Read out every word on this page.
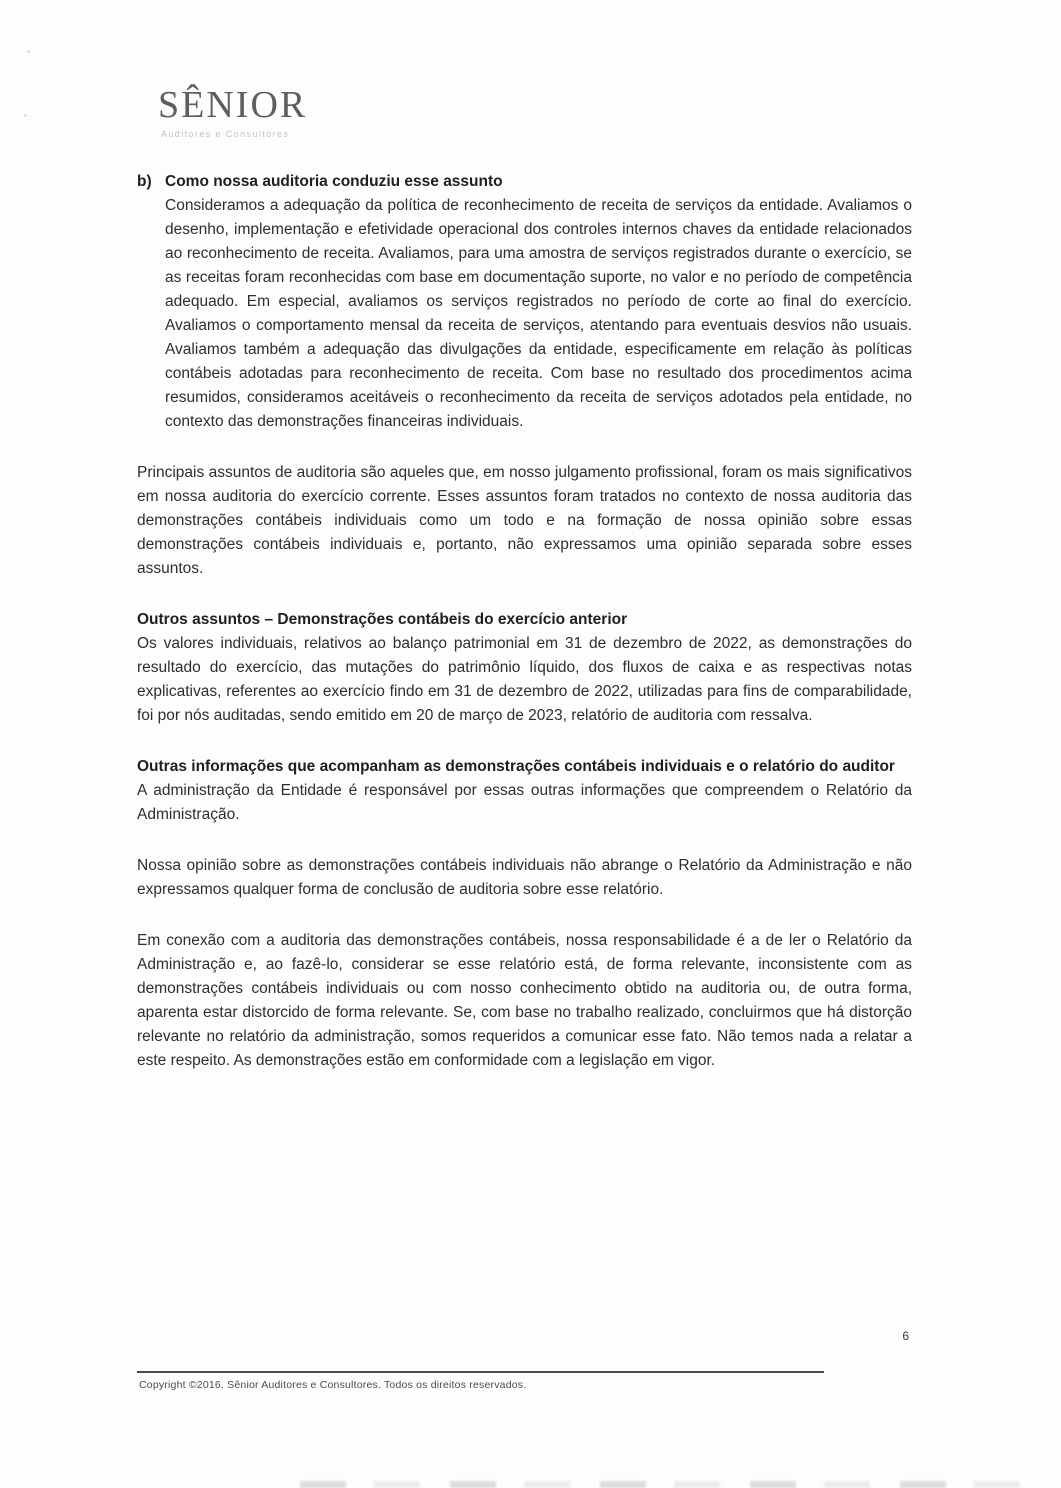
SÊNIOR
Auditores e Consultores
b) Como nossa auditoria conduziu esse assunto

Consideramos a adequação da política de reconhecimento de receita de serviços da entidade. Avaliamos o desenho, implementação e efetividade operacional dos controles internos chaves da entidade relacionados ao reconhecimento de receita. Avaliamos, para uma amostra de serviços registrados durante o exercício, se as receitas foram reconhecidas com base em documentação suporte, no valor e no período de competência adequado. Em especial, avaliamos os serviços registrados no período de corte ao final do exercício. Avaliamos o comportamento mensal da receita de serviços, atentando para eventuais desvios não usuais. Avaliamos também a adequação das divulgações da entidade, especificamente em relação às políticas contábeis adotadas para reconhecimento de receita. Com base no resultado dos procedimentos acima resumidos, consideramos aceitáveis o reconhecimento da receita de serviços adotados pela entidade, no contexto das demonstrações financeiras individuais.

Principais assuntos de auditoria são aqueles que, em nosso julgamento profissional, foram os mais significativos em nossa auditoria do exercício corrente. Esses assuntos foram tratados no contexto de nossa auditoria das demonstrações contábeis individuais como um todo e na formação de nossa opinião sobre essas demonstrações contábeis individuais e, portanto, não expressamos uma opinião separada sobre esses assuntos.

Outros assuntos – Demonstrações contábeis do exercício anterior

Os valores individuais, relativos ao balanço patrimonial em 31 de dezembro de 2022, as demonstrações do resultado do exercício, das mutações do patrimônio líquido, dos fluxos de caixa e as respectivas notas explicativas, referentes ao exercício findo em 31 de dezembro de 2022, utilizadas para fins de comparabilidade, foi por nós auditadas, sendo emitido em 20 de março de 2023, relatório de auditoria com ressalva.

Outras informações que acompanham as demonstrações contábeis individuais e o relatório do auditor

A administração da Entidade é responsável por essas outras informações que compreendem o Relatório da Administração.

Nossa opinião sobre as demonstrações contábeis individuais não abrange o Relatório da Administração e não expressamos qualquer forma de conclusão de auditoria sobre esse relatório.

Em conexão com a auditoria das demonstrações contábeis, nossa responsabilidade é a de ler o Relatório da Administração e, ao fazê-lo, considerar se esse relatório está, de forma relevante, inconsistente com as demonstrações contábeis individuais ou com nosso conhecimento obtido na auditoria ou, de outra forma, aparenta estar distorcido de forma relevante. Se, com base no trabalho realizado, concluirmos que há distorção relevante no relatório da administração, somos requeridos a comunicar esse fato. Não temos nada a relatar a este respeito. As demonstrações estão em conformidade com a legislação em vigor.

6
Copyright ©2016. Sênior Auditores e Consultores. Todos os direitos reservados.
